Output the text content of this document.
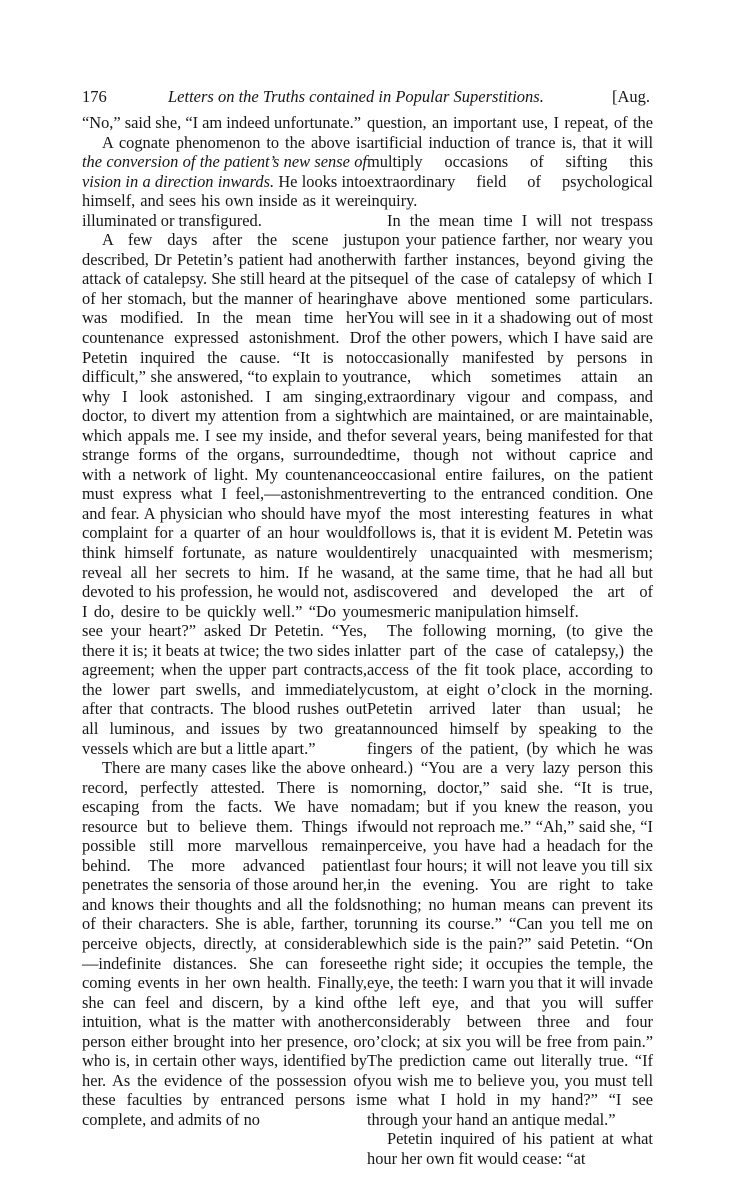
176	Letters on the Truths contained in Popular Superstitions.	[Aug.

“No,” said she, “I am indeed unfortunate.”

A cognate phenomenon to the above is the conversion of the patient’s new sense of vision in a direction inwards. He looks into himself, and sees his own inside as it were illuminated or transfigured.

A few days after the scene just described, Dr Petetin’s patient had another attack of catalepsy. She still heard at the pit of her stomach, but the manner of hearing was modified. In the mean time her countenance expressed astonishment. Dr Petetin inquired the cause. “It is not difficult,” she answered, “to explain to you why I look astonished. I am singing, doctor, to divert my attention from a sight which appals me. I see my inside, and the strange forms of the organs, surrounded with a network of light. My countenance must express what I feel,—astonishment and fear. A physician who should have my complaint for a quarter of an hour would think himself fortunate, as nature would reveal all her secrets to him. If he was devoted to his profession, he would not, as I do, desire to be quickly well.” “Do you see your heart?” asked Dr Petetin. “Yes, there it is; it beats at twice; the two sides in agreement; when the upper part contracts, the lower part swells, and immediately after that contracts. The blood rushes out all luminous, and issues by two great vessels which are but a little apart.”

There are many cases like the above on record, perfectly attested. There is no escaping from the facts. We have no resource but to believe them. Things if possible still more marvellous remain behind. The more advanced patient penetrates the sensoria of those around her, and knows their thoughts and all the folds of their characters. She is able, farther, to perceive objects, directly, at considerable—indefinite distances. She can foresee coming events in her own health. Finally, she can feel and discern, by a kind of intuition, what is the matter with another person either brought into her presence, or who is, in certain other ways, identified by her. As the evidence of the possession of these faculties by entranced persons is complete, and admits of no

question, an important use, I repeat, of the artificial induction of trance is, that it will multiply occasions of sifting this extraordinary field of psychological inquiry.

In the mean time I will not trespass upon your patience farther, nor weary you with farther instances, beyond giving the sequel of the case of catalepsy of which I have above mentioned some particulars. You will see in it a shadowing out of most of the other powers, which I have said are occasionally manifested by persons in trance, which sometimes attain an extraordinary vigour and compass, and which are maintained, or are maintainable, for several years, being manifested for that time, though not without caprice and occasional entire failures, on the patient reverting to the entranced condition. One of the most interesting features in what follows is, that it is evident M. Petetin was entirely unacquainted with mesmerism; and, at the same time, that he had all but discovered and developed the art of mesmeric manipulation himself.

The following morning, (to give the latter part of the case of catalepsy,) the access of the fit took place, according to custom, at eight o’clock in the morning. Petetin arrived later than usual; he announced himself by speaking to the fingers of the patient, (by which he was heard.) “You are a very lazy person this morning, doctor,” said she. “It is true, madam; but if you knew the reason, you would not reproach me.” “Ah,” said she, “I perceive, you have had a headach for the last four hours; it will not leave you till six in the evening. You are right to take nothing; no human means can prevent its running its course.” “Can you tell me on which side is the pain?” said Petetin. “On the right side; it occupies the temple, the eye, the teeth: I warn you that it will invade the left eye, and that you will suffer considerably between three and four o’clock; at six you will be free from pain.” The prediction came out literally true. “If you wish me to believe you, you must tell me what I hold in my hand?” “I see through your hand an antique medal.”

Petetin inquired of his patient at what hour her own fit would cease: “at
